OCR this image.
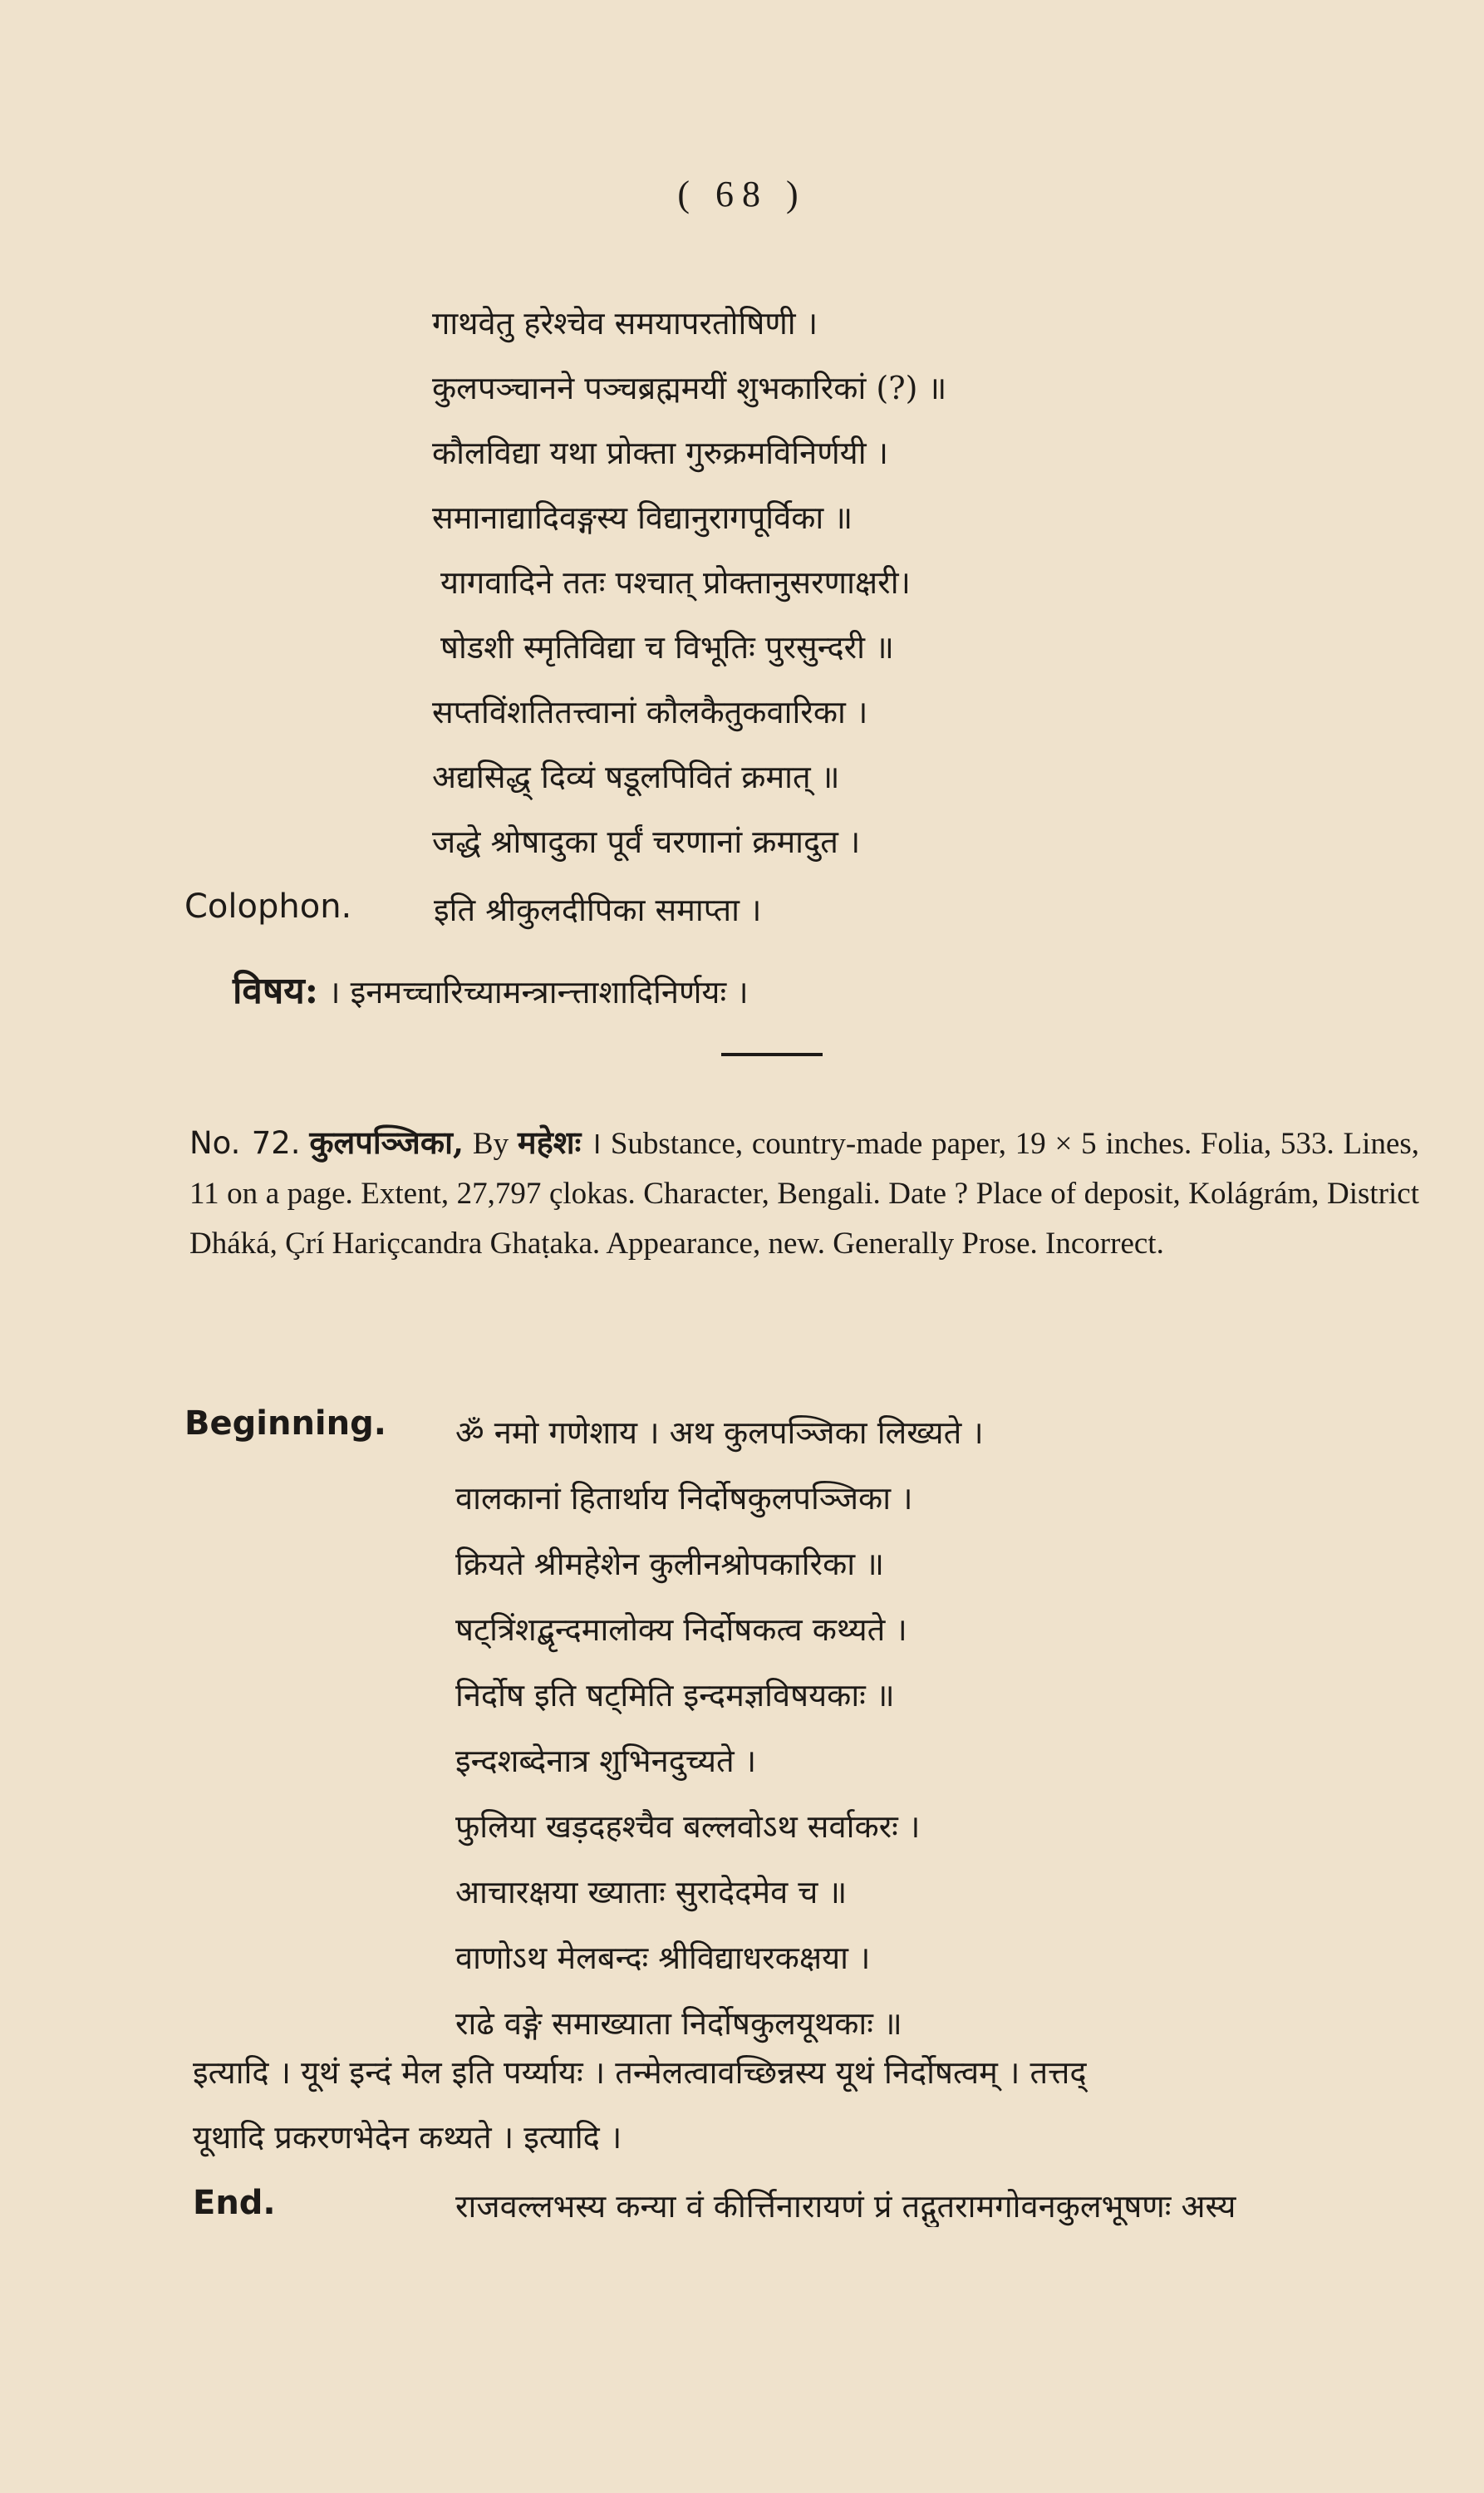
( 68 )
गाथवेतु हरेश्चेव समयापरतोषिणी ।
कुलपञ्चानने पञ्चब्रह्ममयीं शुभकारिकां (?) ॥
कौलविद्या यथा प्रोक्ता गुरुक्रमविनिर्णयी ।
समानाद्यादिवङ्गस्य विद्यानुरागपूर्विका ॥
यागवादिने ततः पश्चात् प्रोक्तानुसरणाक्षरी।
षोडशी स्मृतिविद्या च विभूतिः पुरसुन्दरी ॥
सप्तविंशतितत्त्वानां कौलकैतुकवारिका ।
अद्यसिद्ध् दिव्यं षडूलपिवितं क्रमात् ॥
जद्धे श्रोषादुका पूर्वं चरणानां क्रमादुत ।
Colophon.	इति श्रीकुलदीपिका समाप्ता ।
विषय: । इनमच्चारिच्यामन्त्रान्त्ताशादिनिर्णयः ।
No. 72. कुलपञ्जिका, By महेशः । Substance, country-made paper, 19 × 5 inches. Folia, 533. Lines, 11 on a page. Extent, 27,797 çlokas. Character, Bengali. Date ? Place of deposit, Kolágrám, District Dháká, Çrí Hariçcandra Ghaṭaka. Appearance, new. Generally Prose. Incorrect.
Beginning. ॐ नमो गणेशाय । अथ कुलपञ्जिका लिख्यते ।
वालकानां हितार्थाय निर्दोषकुलपञ्जिका ।
क्रियते श्रीमहेशेन कुलीनश्रोपकारिका ॥
षट्त्रिंशद्बृन्दमालोक्य निर्दोषकत्व कथ्यते ।
निर्दोष इति षट्मिति इन्दमज्ञविषयकाः ॥
इन्दशब्देनात्र शुभिनदुच्यते ।
फुलिया खड़दहश्चैव बल्लवोऽथ सर्वाकरः ।
आचारक्षया ख्याताः सुरादेदमेव च ॥
वाणोऽथ मेलबन्दः श्रीविद्याधरकक्षया ।
राढे वङ्गे समाख्याता निर्दोषकुलयूथकाः ॥
इत्यादि । यूथं इन्दं मेल इति पर्य्यायः । तन्मेलत्वावच्छिन्नस्य यूथं निर्दोषत्वम् । तत्तद्
यूथादि प्रकरणभेदेन कथ्यते । इत्यादि ।
End.	राजवल्लभस्य कन्या वं कीर्त्तिनारायणं प्रं तद्गुतरामगोवनकुलभूषणः अस्य
